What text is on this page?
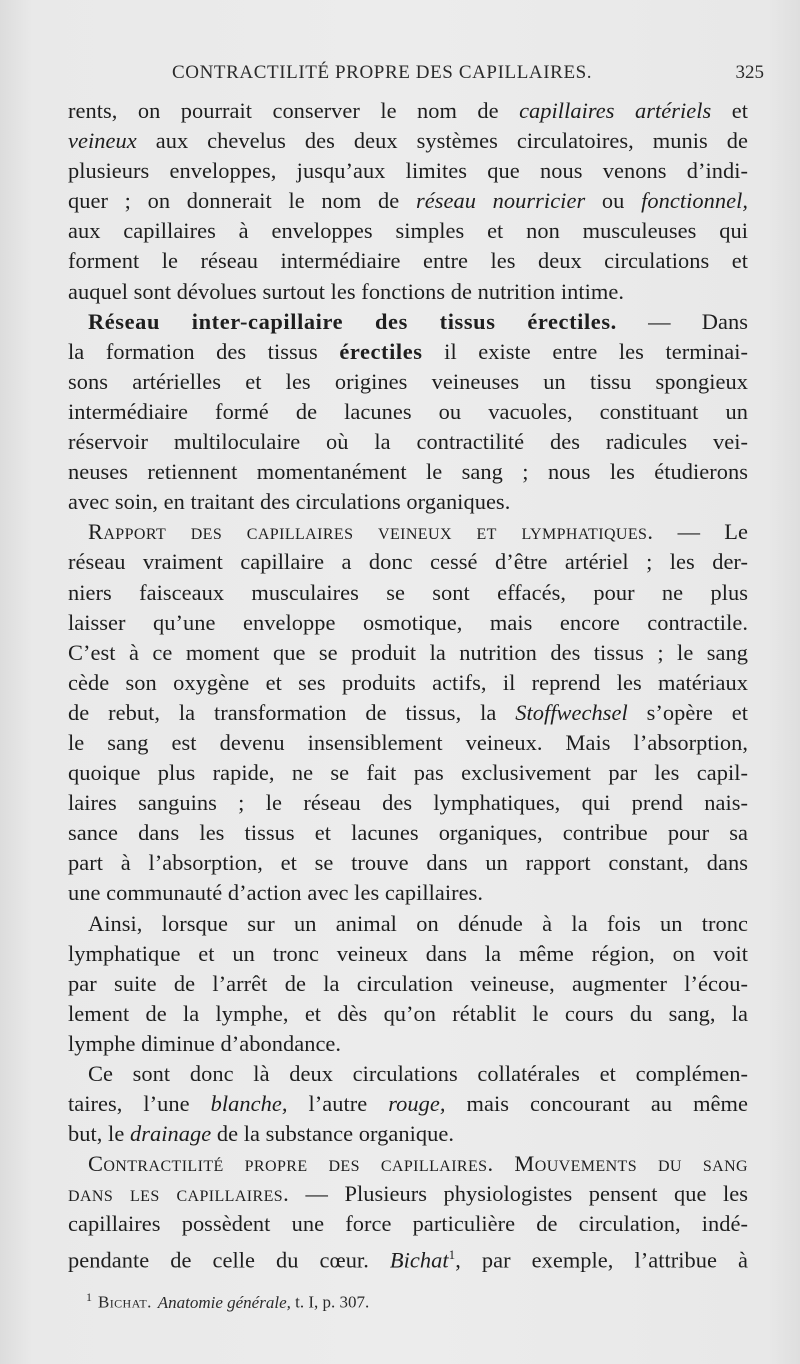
CONTRACTILITÉ PROPRE DES CAPILLAIRES.	325
rents, on pourrait conserver le nom de capillaires artériels et
veineux aux chevelus des deux systèmes circulatoires, munis de
plusieurs enveloppes, jusqu’aux limites que nous venons d’indi-
quer ; on donnerait le nom de réseau nourricier ou fonctionnel,
aux capillaires à enveloppes simples et non musculeuses qui
forment le réseau intermédiaire entre les deux circulations et
auquel sont dévolues surtout les fonctions de nutrition intime.
Réseau inter-capillaire des tissus érectiles. — Dans
la formation des tissus érectiles il existe entre les terminai-
sons artérielles et les origines veineuses un tissu spongieux
intermédiaire formé de lacunes ou vacuoles, constituant un
réservoir multiloculaire où la contractilité des radicules vei-
neuses retiennent momentanément le sang ; nous les étudierons
avec soin, en traitant des circulations organiques.
Rapport des capillaires veineux et lymphatiques. — Le
réseau vraiment capillaire a donc cessé d’être artériel ; les der-
niers faisceaux musculaires se sont effacés, pour ne plus
laisser qu’une enveloppe osmotique, mais encore contractile.
C’est à ce moment que se produit la nutrition des tissus ; le sang
cède son oxygène et ses produits actifs, il reprend les matériaux
de rebut, la transformation de tissus, la Stoffwechsel s’opère et
le sang est devenu insensiblement veineux. Mais l’absorption,
quoique plus rapide, ne se fait pas exclusivement par les capil-
laires sanguins ; le réseau des lymphatiques, qui prend nais-
sance dans les tissus et lacunes organiques, contribue pour sa
part à l’absorption, et se trouve dans un rapport constant, dans
une communauté d’action avec les capillaires.
Ainsi, lorsque sur un animal on dénude à la fois un tronc
lymphatique et un tronc veineux dans la même région, on voit
par suite de l’arrêt de la circulation veineuse, augmenter l’écou-
lement de la lymphe, et dès qu’on rétablit le cours du sang, la
lymphe diminue d’abondance.
Ce sont donc là deux circulations collatérales et complémen-
taires, l’une blanche, l’autre rouge, mais concourant au même
but, le drainage de la substance organique.
Contractilité propre des capillaires. Mouvements du sang
dans les capillaires. — Plusieurs physiologistes pensent que les
capillaires possèdent une force particulière de circulation, indé-
pendante de celle du cœur. Bichat$^1$, par exemple, l’attribue à
$^1$ Bichat. Anatomie générale, t. I, p. 307.
